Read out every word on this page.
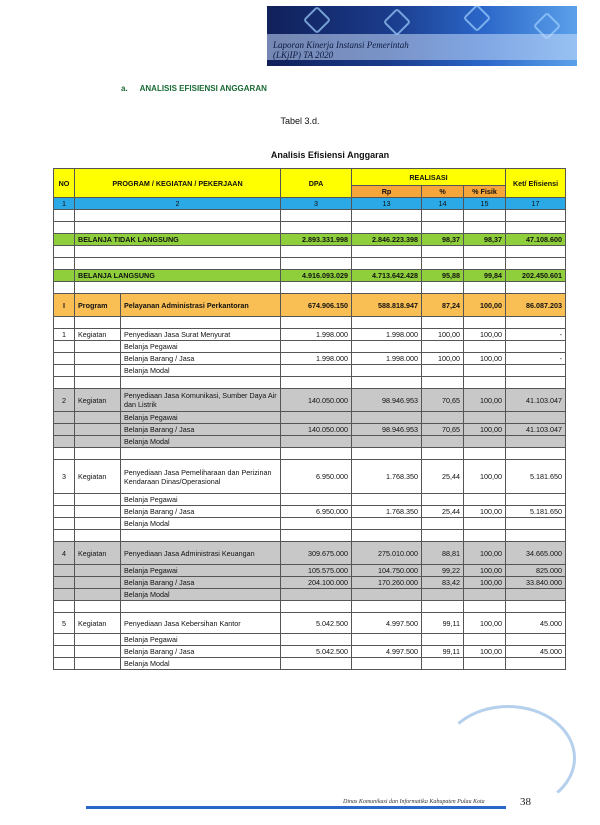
Laporan Kinerja Instansi Pemerintah
(LKjIP) TA 2020
a. ANALISIS EFISIENSI ANGGARAN
Tabel 3.d.
Analisis Efisiensi Anggaran
NO	PROGRAM / KEGIATAN / PEKERJAAN		DPA	REALISASI			Ket/ Efisiensi
				Rp	%	% Fisik	
1	2		3	13	14	15	17

	BELANJA TIDAK LANGSUNG		2.893.331.998	2.846.223.398	98,37	98,37	47.108.600

	BELANJA LANGSUNG		4.916.093.029	4.713.642.428	95,88	99,84	202.450.601

I	Program	Pelayanan Administrasi Perkantoran	674.906.150	588.818.947	87,24	100,00	86.087.203

1	Kegiatan	Penyediaan Jasa Surat Menyurat	1.998.000	1.998.000	100,00	100,00	-
		Belanja Pegawai					
		Belanja Barang / Jasa	1.998.000	1.998.000	100,00	100,00	-
		Belanja Modal					

2	Kegiatan	Penyediaan Jasa Komunikasi, Sumber Daya Air dan Listrik	140.050.000	98.946.953	70,65	100,00	41.103.047
		Belanja Pegawai					
		Belanja Barang / Jasa	140.050.000	98.946.953	70,65	100,00	41.103.047
		Belanja Modal					

3	Kegiatan	Penyediaan Jasa Pemeliharaan dan Perizinan Kendaraan Dinas/Operasional	6.950.000	1.768.350	25,44	100,00	5.181.650
		Belanja Pegawai					
		Belanja Barang / Jasa	6.950.000	1.768.350	25,44	100,00	5.181.650
		Belanja Modal					

4	Kegiatan	Penyediaan Jasa Administrasi Keuangan	309.675.000	275.010.000	88,81	100,00	34.665.000
		Belanja Pegawai	105.575.000	104.750.000	99,22	100,00	825.000
		Belanja Barang / Jasa	204.100.000	170.260.000	83,42	100,00	33.840.000
		Belanja Modal					

5	Kegiatan	Penyediaan Jasa Kebersihan Kantor	5.042.500	4.997.500	99,11	100,00	45.000
		Belanja Pegawai					
		Belanja Barang / Jasa	5.042.500	4.997.500	99,11	100,00	45.000
		Belanja Modal					
Dinas Komunikasi dan Informatika Kabupaten Pulau Kota	38
